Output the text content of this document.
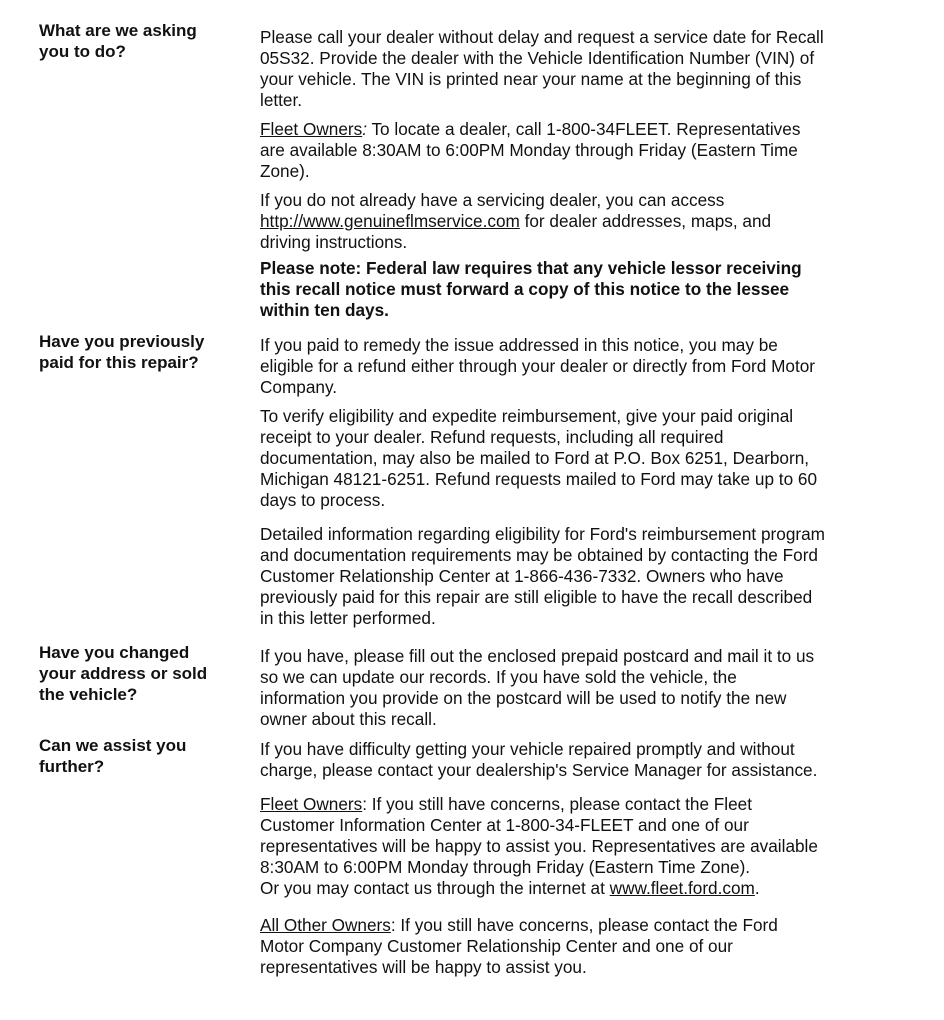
What are we asking
you to do?
Please call your dealer without delay and request a service date for Recall
05S32. Provide the dealer with the Vehicle Identification Number (VIN) of
your vehicle. The VIN is printed near your name at the beginning of this
letter.
Fleet Owners: To locate a dealer, call 1-800-34FLEET. Representatives
are available 8:30AM to 6:00PM Monday through Friday (Eastern Time
Zone).
If you do not already have a servicing dealer, you can access
http://www.genuineflmservice.com for dealer addresses, maps, and
driving instructions.
Please note: Federal law requires that any vehicle lessor receiving
this recall notice must forward a copy of this notice to the lessee
within ten days.
Have you previously
paid for this repair?
If you paid to remedy the issue addressed in this notice, you may be
eligible for a refund either through your dealer or directly from Ford Motor
Company.
To verify eligibility and expedite reimbursement, give your paid original
receipt to your dealer. Refund requests, including all required
documentation, may also be mailed to Ford at P.O. Box 6251, Dearborn,
Michigan 48121-6251. Refund requests mailed to Ford may take up to 60
days to process.
Detailed information regarding eligibility for Ford's reimbursement program
and documentation requirements may be obtained by contacting the Ford
Customer Relationship Center at 1-866-436-7332. Owners who have
previously paid for this repair are still eligible to have the recall described
in this letter performed.
Have you changed
your address or sold
the vehicle?
If you have, please fill out the enclosed prepaid postcard and mail it to us
so we can update our records. If you have sold the vehicle, the
information you provide on the postcard will be used to notify the new
owner about this recall.
Can we assist you
further?
If you have difficulty getting your vehicle repaired promptly and without
charge, please contact your dealership's Service Manager for assistance.
Fleet Owners: If you still have concerns, please contact the Fleet
Customer Information Center at 1-800-34-FLEET and one of our
representatives will be happy to assist you. Representatives are available
8:30AM to 6:00PM Monday through Friday (Eastern Time Zone).
Or you may contact us through the internet at www.fleet.ford.com.
All Other Owners: If you still have concerns, please contact the Ford
Motor Company Customer Relationship Center and one of our
representatives will be happy to assist you.
